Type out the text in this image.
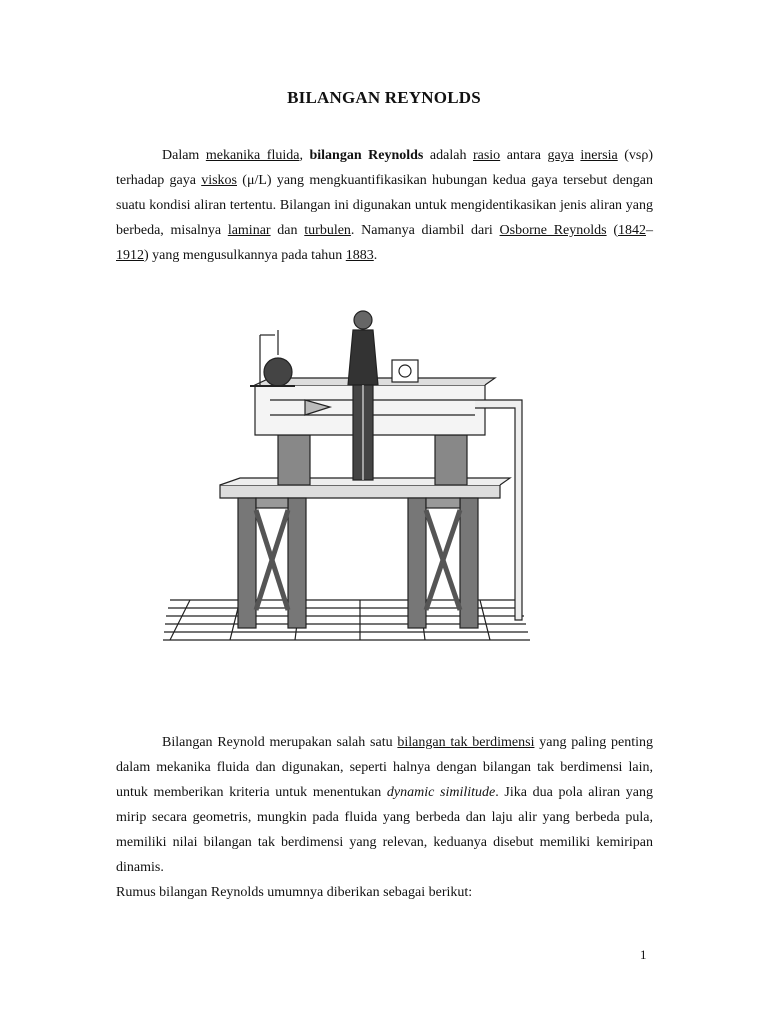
BILANGAN REYNOLDS
Dalam mekanika fluida, bilangan Reynolds adalah rasio antara gaya inersia (vsρ) terhadap gaya viskos (μ/L) yang mengkuantifikasikan hubungan kedua gaya tersebut dengan suatu kondisi aliran tertentu. Bilangan ini digunakan untuk mengidentikasikan jenis aliran yang berbeda, misalnya laminar dan turbulen. Namanya diambil dari Osborne Reynolds (1842–1912) yang mengusulkannya pada tahun 1883.
Bilangan Reynold merupakan salah satu bilangan tak berdimensi yang paling penting dalam mekanika fluida dan digunakan, seperti halnya dengan bilangan tak berdimensi lain, untuk memberikan kriteria untuk menentukan dynamic similitude. Jika dua pola aliran yang mirip secara geometris, mungkin pada fluida yang berbeda dan laju alir yang berbeda pula, memiliki nilai bilangan tak berdimensi yang relevan, keduanya disebut memiliki kemiripan dinamis.
Rumus bilangan Reynolds umumnya diberikan sebagai berikut:
1
